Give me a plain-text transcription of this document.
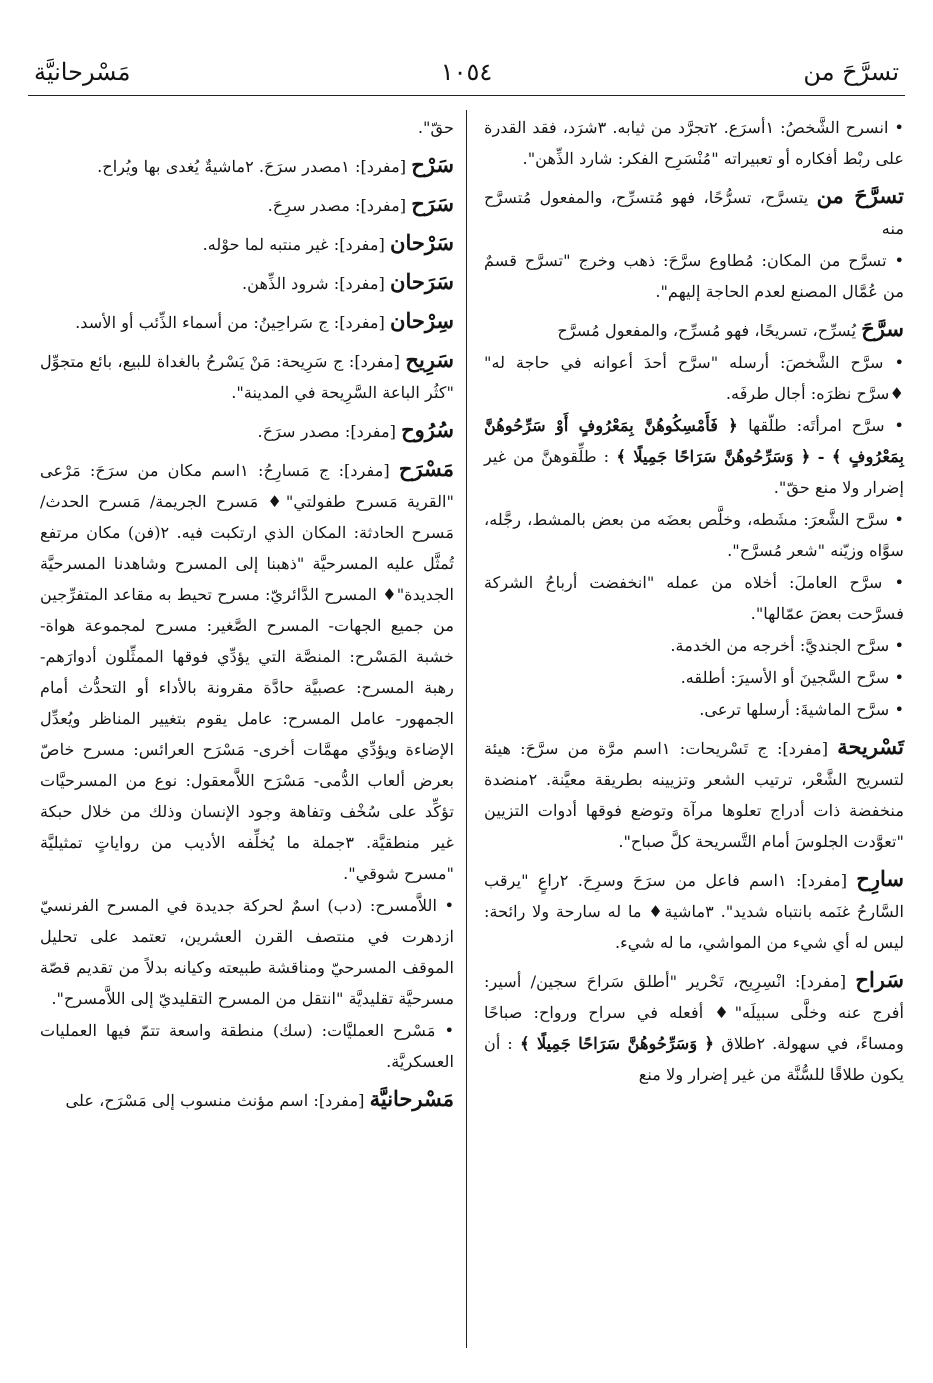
تسرَّحَ من
١٠٥٤
مَسْرحانيَّة

• انسرح الشَّخصُ: ١أسرَع. ٢تجرَّد من ثيابه. ٣شرَد، فقد القدرة على ربْط أفكاره أو تعبيراته "مُنْسَرِح الفكر: شارد الذِّهن".

تسرَّحَ من يتسرَّح، تسرُّحًا، فهو مُتسرِّح، والمفعول مُتسرَّح منه

• تسرَّح من المكان: مُطاوع سرَّحَ: ذهب وخرج "تسرَّح قسمٌ من عُمَّال المصنع لعدم الحاجة إليهم".

سرَّحَ يُسرِّح، تسريحًا، فهو مُسرِّح، والمفعول مُسرَّح

• سرَّح الشَّخصَ: أرسله "سرَّح أحدَ أعوانه في حاجة له" ♦سرَّح نظرَه: أجال طرفَه.

• سرَّح امرأتَه: طلّقها ﴿ فَأَمْسِكُوهُنَّ بِمَعْرُوفٍ أَوْ سَرِّحُوهُنَّ بِمَعْرُوفٍ ﴾ - ﴿ وَسَرِّحُوهُنَّ سَرَاحًا جَمِيلًا ﴾ : طلِّقوهنَّ من غير إضرار ولا منع حقّ".

• سرَّح الشَّعرَ: مشَطه، وخلَّص بعضَه من بعض بالمشط، رجَّله، سوَّاه وزيّنه "شعر مُسرَّح".

• سرَّح العاملَ: أخلاه من عمله "انخفضت أرباحُ الشركة فسرَّحت بعضَ عمّالها".

• سرَّح الجنديَّ: أخرجه من الخدمة.

• سرَّح السَّجينَ أو الأسيرَ: أطلقه.

• سرَّح الماشيةَ: أرسلها ترعى.

تَسْريحة [مفرد]: ج تَسْريحات: ١اسم مرَّة من سرَّحَ: هيئة لتسريح الشَّعْر، ترتيب الشعر وتزيينه بطريقة معيَّنة. ٢منضدة منخفضة ذات أدراج تعلوها مرآة وتوضع فوقها أدوات التزيين "تعوَّدت الجلوسَ أمام التَّسريحة كلَّ صباح".

سارِح [مفرد]: ١اسم فاعل من سرَحَ وسرِحَ. ٢راعٍ "يرقب السَّارحُ غنَمه بانتباه شديد". ٣ماشية♦ ما له سارحة ولا رائحة: ليس له أي شيء من المواشي، ما له شيء.

سَراح [مفرد]: انْسِرِيح، تَحْرير "أطلق سَراحَ سجين/ أسير: أفرج عنه وخلَّى سبيلَه"♦ أفعله في سراح ورواح: صباحًا ومساءً، في سهولة. ٢طلاق ﴿ وَسَرِّحُوهُنَّ سَرَاحًا جَمِيلًا ﴾ : أن يكون طلاقًا للسُّنَّة من غير إضرار ولا منع

حقّ".

سَرْح [مفرد]: ١مصدر سرَحَ. ٢ماشيةٌ يُغدى بها ويُراح.

سَرَح [مفرد]: مصدر سرِحَ.

سَرْحان [مفرد]: غير منتبه لما حوْله.

سَرَحان [مفرد]: شرود الذِّهن.

سِرْحان [مفرد]: ج سَراحِينُ: من أسماء الذِّئب أو الأسد.

سَرِيح [مفرد]: ج سَرِيحة: مَنْ يَسْرحُ بالغداة للبيع، بائع متجوِّل "كثُر الباعة السَّرِيحة في المدينة".

سُرُوح [مفرد]: مصدر سرَحَ.

مَسْرَح [مفرد]: ج مَسارِحُ: ١اسم مكان من سرَحَ: مَرْعى "القرية مَسرح طفولتي"♦ مَسرح الجريمة/ مَسرح الحدث/ مَسرح الحادثة: المكان الذي ارتكبت فيه. ٢(فن) مكان مرتفع تُمثَّل عليه المسرحيَّة "ذهبنا إلى المسرح وشاهدنا المسرحيَّة الجديدة"♦ المسرح الدَّائريّ: مسرح تحيط به مقاعد المتفرِّجين من جميع الجهات- المسرح الصَّغير: مسرح لمجموعة هواة- خشبة المَسْرح: المنصَّة التي يؤدِّي فوقها الممثِّلون أدوارَهم- رهبة المسرح: عصبيَّة حادَّة مقرونة بالأداء أو التحدُّث أمام الجمهور- عامل المسرح: عامل يقوم بتغيير المناظر ويُعدِّل الإضاءة ويؤدِّي مهمَّات أخرى- مَسْرَح العرائس: مسرح خاصّ بعرض ألعاب الدُّمى- مَسْرَح اللاَّمعقول: نوع من المسرحيَّات تؤكِّد على سُخْف وتفاهة وجود الإنسان وذلك من خلال حبكة غير منطقيَّة. ٣جملة ما يُخلِّفه الأديب من رواياتٍ تمثيليَّة "مسرح شوقي".

• اللاَّمسرح: (دب) اسمٌ لحركة جديدة في المسرح الفرنسيّ ازدهرت في منتصف القرن العشرين، تعتمد على تحليل الموقف المسرحيّ ومناقشة طبيعته وكيانه بدلاً من تقديم قصّة مسرحيَّة تقليديَّة "انتقل من المسرح التقليديّ إلى اللاَّمسرح".

• مَسْرح العمليَّات: (سك) منطقة واسعة تتمّ فيها العمليات العسكريَّة.

مَسْرحانيَّة [مفرد]: اسم مؤنث منسوب إلى مَسْرَح، على
